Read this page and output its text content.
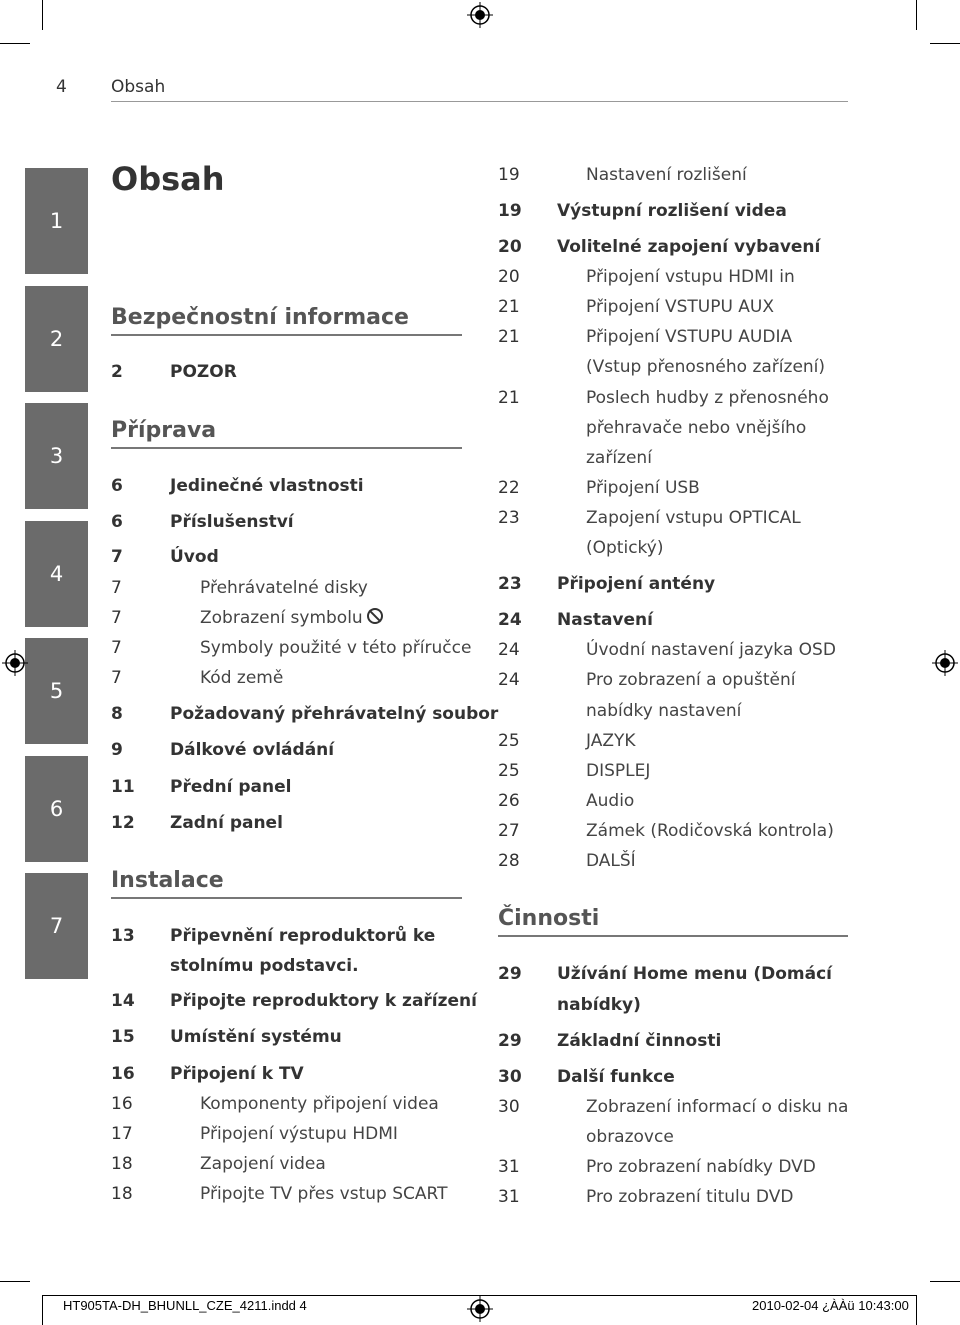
4	Obsah
1
2
3
4
5
6
7
Obsah
Bezpečnostní informace
2	POZOR
Příprava
6	Jedinečné vlastnosti
6	Příslušenství
7	Úvod
7	Přehrávatelné disky
7	Zobrazení symbolu
7	Symboly použité v této příručce
7	Kód země
8	Požadovaný přehrávatelný soubor
9	Dálkové ovládání
11 Přední panel
12 Zadní panel
Instalace
13 Připevnění reproduktorů ke
stolnímu podstavci.
14 Připojte reproduktory k zařízení
15 Umístění systému
16 Připojení k TV
16	Komponenty připojení videa
17	Připojení výstupu HDMI
18	Zapojení videa
18	Připojte TV přes vstup SCART
19	Nastavení rozlišení
19 Výstupní rozlišení videa
20 Volitelné zapojení vybavení
20	Připojení vstupu HDMI in
21	Připojení VSTUPU AUX
21	Připojení VSTUPU AUDIA
(Vstup přenosného zařízení)
21	Poslech hudby z přenosného
přehravače nebo vnějšího
zařízení
22	Připojení USB
23	Zapojení vstupu OPTICAL
(Optický)
23 Připojení antény
24 Nastavení
24	Úvodní nastavení jazyka OSD
24	Pro zobrazení a opuštění
nabídky nastavení
25	JAZYK
25	DISPLEJ
26	Audio
27	Zámek (Rodičovská kontrola)
28	DALŠÍ
Činnosti
29 Užívání Home menu (Domácí
nabídky)
29 Základní činnosti
30 Další funkce
30	Zobrazení informací o disku na
obrazovce
31	Pro zobrazení nabídky DVD
31	Pro zobrazení titulu DVD
HT905TA-DH_BHUNLL_CZE_4211.indd 4	2010-02-04 ¿ÀÀü 10:43:00
